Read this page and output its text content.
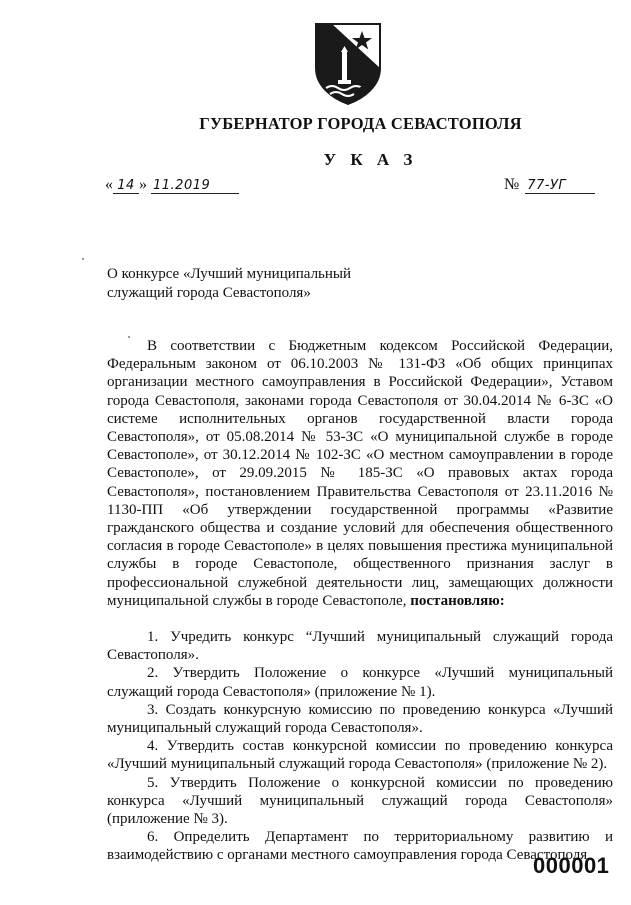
ГУБЕРНАТОР ГОРОДА СЕВАСТОПОЛЯ
У К А З
« 14 » 11.2019	№ 77-УГ
О конкурсе «Лучший муниципальный
служащий города Севастополя»

В соответствии с Бюджетным кодексом Российской Федерации, Федеральным законом от 06.10.2003 № 131-ФЗ «Об общих принципах организации местного самоуправления в Российской Федерации», Уставом города Севастополя, законами города Севастополя от 30.04.2014 № 6-ЗС «О системе исполнительных органов государственной власти города Севастополя», от 05.08.2014 № 53-ЗС «О муниципальной службе в городе Севастополе», от 30.12.2014 № 102-ЗС «О местном самоуправлении в городе Севастополе», от 29.09.2015 № 185-ЗС «О правовых актах города Севастополя», постановлением Правительства Севастополя от 23.11.2016 № 1130-ПП «Об утверждении государственной программы «Развитие гражданского общества и создание условий для обеспечения общественного согласия в городе Севастополе» в целях повышения престижа муниципальной службы в городе Севастополе, общественного признания заслуг в профессиональной служебной деятельности лиц, замещающих должности муниципальной службы в городе Севастополе, постановляю:

1. Учредить конкурс “Лучший муниципальный служащий города Севастополя».

2. Утвердить Положение о конкурсе «Лучший муниципальный служащий города Севастополя» (приложение № 1).

3. Создать конкурсную комиссию по проведению конкурса «Лучший муниципальный служащий города Севастополя».

4. Утвердить состав конкурсной комиссии по проведению конкурса «Лучший муниципальный служащий города Севастополя» (приложение № 2).

5. Утвердить Положение о конкурсной комиссии по проведению конкурса «Лучший муниципальный служащий города Севастополя» (приложение № 3).

6. Определить Департамент по территориальному развитию и взаимодействию с органами местного самоуправления города Севастополя

000001
